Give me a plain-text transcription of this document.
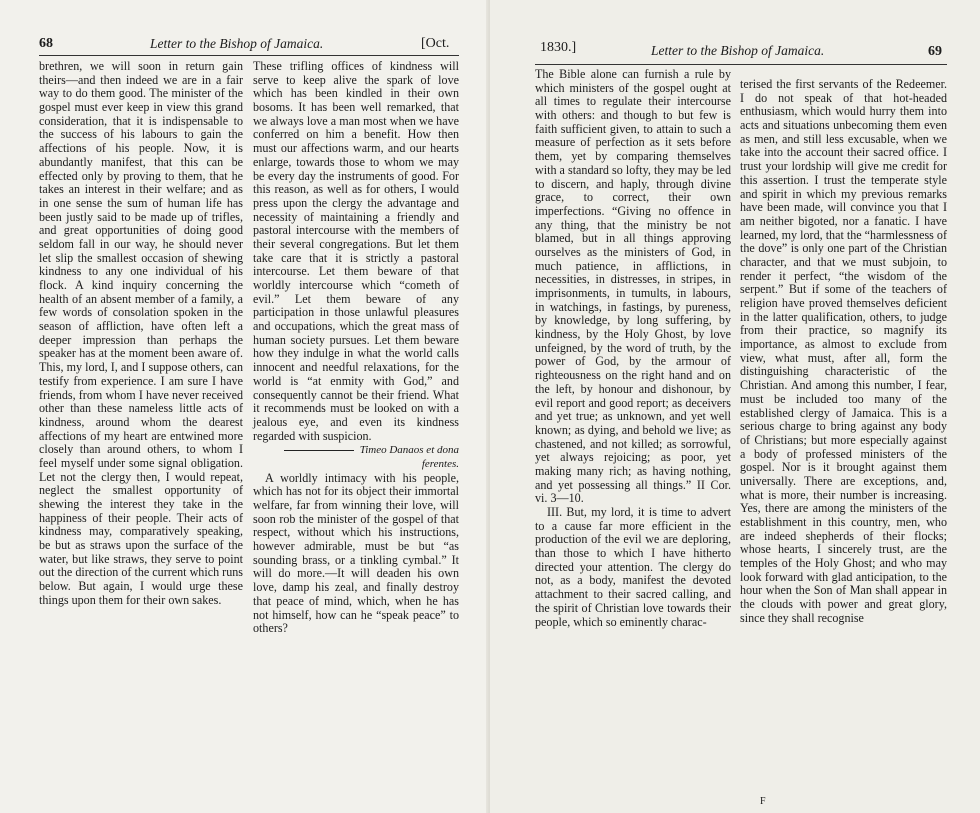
68	Letter to the Bishop of Jamaica.	[Oct.

brethren, we will soon in return gain theirs—and then indeed we are in a fair way to do them good. The minister of the gospel must ever keep in view this grand consideration, that it is indispensable to the success of his labours to gain the affections of his people. Now, it is abundantly manifest, that this can be effected only by proving to them, that he takes an interest in their welfare; and as in one sense the sum of human life has been justly said to be made up of trifles, and great opportunities of doing good seldom fall in our way, he should never let slip the smallest occasion of shewing kindness to any one individual of his flock. A kind inquiry concerning the health of an absent member of a family, a few words of consolation spoken in the season of affliction, have often left a deeper impression than perhaps the speaker has at the moment been aware of. This, my lord, I, and I suppose others, can testify from experience. I am sure I have friends, from whom I have never received other than these nameless little acts of kindness, around whom the dearest affections of my heart are entwined more closely than around others, to whom I feel myself under some signal obligation. Let not the clergy then, I would repeat, neglect the smallest opportunity of shewing the interest they take in the happiness of their people. Their acts of kindness may, comparatively speaking, be but as straws upon the surface of the water, but like straws, they serve to point out the direction of the current which runs below. But again, I would urge these things upon them for their own sakes.

These trifling offices of kindness will serve to keep alive the spark of love which has been kindled in their own bosoms. It has been well remarked, that we always love a man most when we have conferred on him a benefit. How then must our affections warm, and our hearts enlarge, towards those to whom we may be every day the instruments of good. For this reason, as well as for others, I would press upon the clergy the advantage and necessity of maintaining a friendly and pastoral intercourse with the members of their several congregations. But let them take care that it is strictly a pastoral intercourse. Let them beware of that worldly intercourse which “cometh of evil.” Let them beware of any participation in those unlawful pleasures and occupations, which the great mass of human society pursues. Let them beware how they indulge in what the world calls innocent and needful relaxations, for the world is “at enmity with God,” and consequently cannot be their friend. What it recommends must be looked on with a jealous eye, and even its kindness regarded with suspicion.

Timeo Danaos et dona ferentes.

A worldly intimacy with his people, which has not for its object their immortal welfare, far from winning their love, will soon rob the minister of the gospel of that respect, without which his instructions, however admirable, must be but “as sounding brass, or a tinkling cymbal.” It will do more.—It will deaden his own love, damp his zeal, and finally destroy that peace of mind, which, when he has not himself, how can he “speak peace” to others?

1830.]	Letter to the Bishop of Jamaica.	69

The Bible alone can furnish a rule by which ministers of the gospel ought at all times to regulate their intercourse with others: and though to but few is faith sufficient given, to attain to such a measure of perfection as it sets before them, yet by comparing themselves with a standard so lofty, they may be led to discern, and haply, through divine grace, to correct, their own imperfections. “Giving no offence in any thing, that the ministry be not blamed, but in all things approving ourselves as the ministers of God, in much patience, in afflictions, in necessities, in distresses, in stripes, in imprisonments, in tumults, in labours, in watchings, in fastings, by pureness, by knowledge, by long suffering, by kindness, by the Holy Ghost, by love unfeigned, by the word of truth, by the power of God, by the armour of righteousness on the right hand and on the left, by honour and dishonour, by evil report and good report; as deceivers and yet true; as unknown, and yet well known; as dying, and behold we live; as chastened, and not killed; as sorrowful, yet always rejoicing; as poor, yet making many rich; as having nothing, and yet possessing all things.” II Cor. vi. 3—10.

III. But, my lord, it is time to advert to a cause far more efficient in the production of the evil we are deploring, than those to which I have hitherto directed your attention. The clergy do not, as a body, manifest the devoted attachment to their sacred calling, and the spirit of Christian love towards their people, which so eminently charac-

terised the first servants of the Redeemer. I do not speak of that hot-headed enthusiasm, which would hurry them into acts and situations unbecoming them even as men, and still less excusable, when we take into the account their sacred office. I trust your lordship will give me credit for this assertion. I trust the temperate style and spirit in which my previous remarks have been made, will convince you that I am neither bigoted, nor a fanatic. I have learned, my lord, that the “harmlessness of the dove” is only one part of the Christian character, and that we must subjoin, to render it perfect, “the wisdom of the serpent.” But if some of the teachers of religion have proved themselves deficient in the latter qualification, others, to judge from their practice, so magnify its importance, as almost to exclude from view, what must, after all, form the distinguishing characteristic of the Christian. And among this number, I fear, must be included too many of the established clergy of Jamaica. This is a serious charge to bring against any body of Christians; but more especially against a body of professed ministers of the gospel. Nor is it brought against them universally. There are exceptions, and, what is more, their number is increasing. Yes, there are among the ministers of the establishment in this country, men, who are indeed shepherds of their flocks; whose hearts, I sincerely trust, are the temples of the Holy Ghost; and who may look forward with glad anticipation, to the hour when the Son of Man shall appear in the clouds with power and great glory, since they shall recognise

F
